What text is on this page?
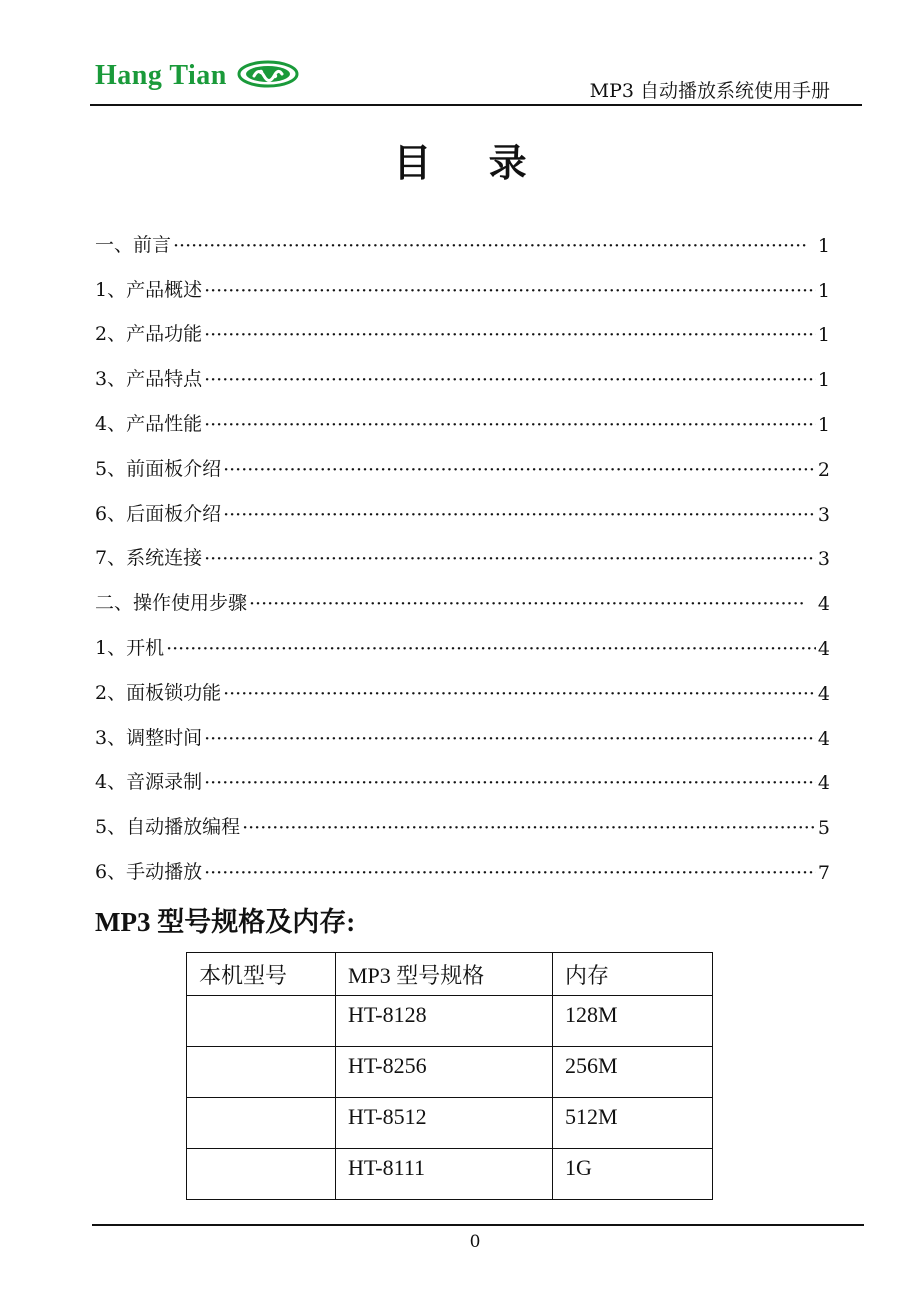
Hang Tian	MP3 自动播放系统使用手册
目 录
一、前言 ·····	1
1、产品概述 ·····	1
2、产品功能 ·····	1
3、产品特点 ·····	1
4、产品性能 ·····	1
5、前面板介绍 ·····	2
6、后面板介绍 ·····	3
7、系统连接 ·····	3
二、操作使用步骤 ·····	4
1、开机 ·····	4
2、面板锁功能 ·····	4
3、调整时间 ·····	4
4、音源录制 ·····	4
5、自动播放编程 ·····	5
6、手动播放 ·····	7
MP3 型号规格及内存:
本机型号	MP3 型号规格	内存
	HT-8128	128M
	HT-8256	256M
	HT-8512	512M
	HT-8111	1G
0
